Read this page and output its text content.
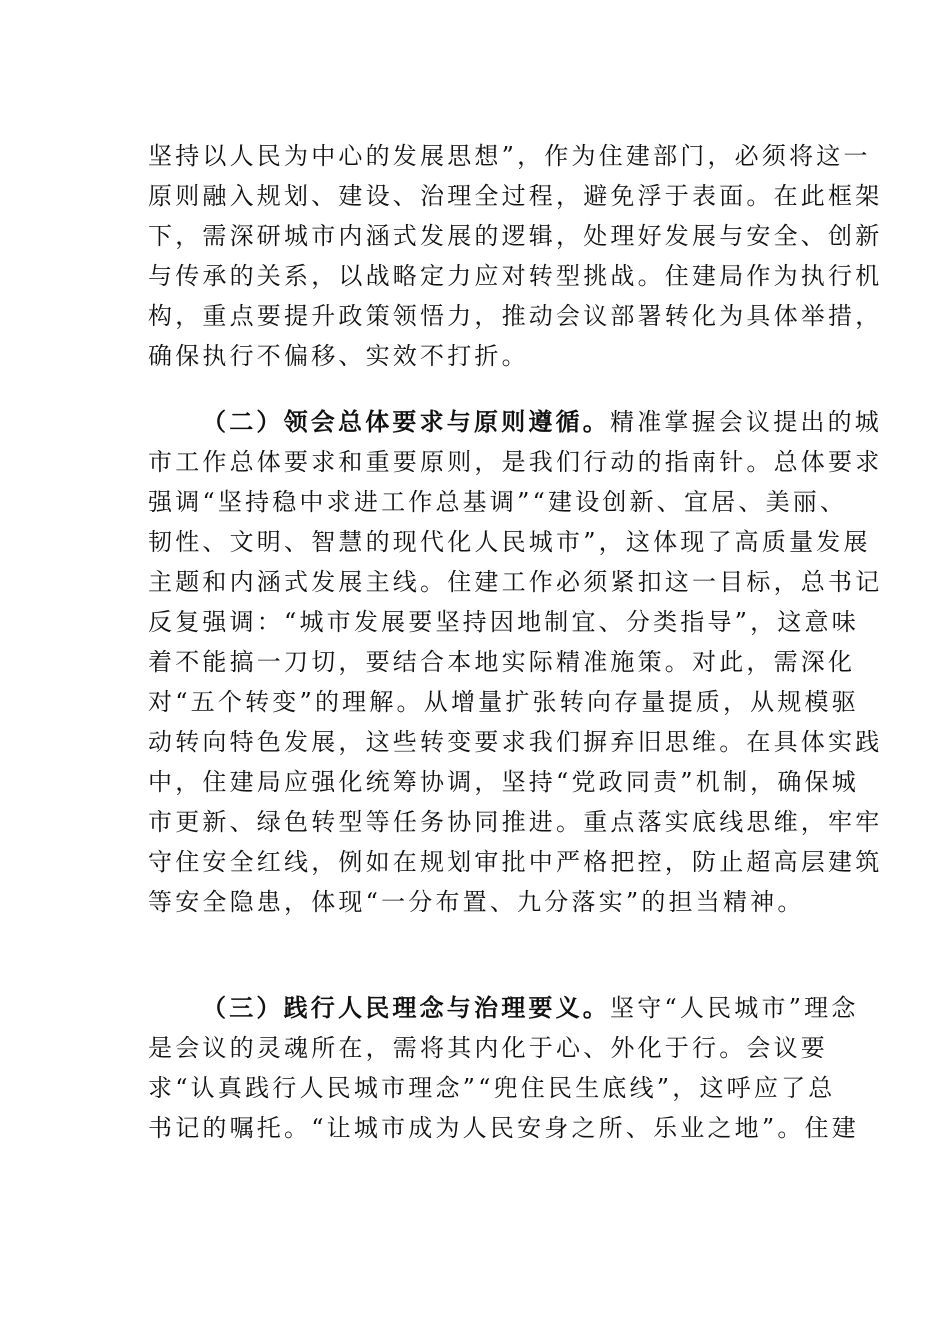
坚持以人民为中心的发展思想”，作为住建部门，必须将这一
原则融入规划、建设、治理全过程，避免浮于表面。在此框架
下，需深研城市内涵式发展的逻辑，处理好发展与安全、创新
与传承的关系，以战略定力应对转型挑战。住建局作为执行机
构，重点要提升政策领悟力，推动会议部署转化为具体举措，
确保执行不偏移、实效不打折。
（二）领会总体要求与原则遵循。精准掌握会议提出的城
市工作总体要求和重要原则，是我们行动的指南针。总体要求
强调“坚持稳中求进工作总基调”“建设创新、宜居、美丽、
韧性、文明、智慧的现代化人民城市”，这体现了高质量发展
主题和内涵式发展主线。住建工作必须紧扣这一目标，总书记
反复强调：“城市发展要坚持因地制宜、分类指导”，这意味
着不能搞一刀切，要结合本地实际精准施策。对此，需深化
对“五个转变”的理解。从增量扩张转向存量提质，从规模驱
动转向特色发展，这些转变要求我们摒弃旧思维。在具体实践
中，住建局应强化统筹协调，坚持“党政同责”机制，确保城
市更新、绿色转型等任务协同推进。重点落实底线思维，牢牢
守住安全红线，例如在规划审批中严格把控，防止超高层建筑
等安全隐患，体现“一分布置、九分落实”的担当精神。
（三）践行人民理念与治理要义。坚守“人民城市”理念
是会议的灵魂所在，需将其内化于心、外化于行。会议要
求“认真践行人民城市理念”“兜住民生底线”，这呼应了总
书记的嘱托。“让城市成为人民安身之所、乐业之地”。住建
